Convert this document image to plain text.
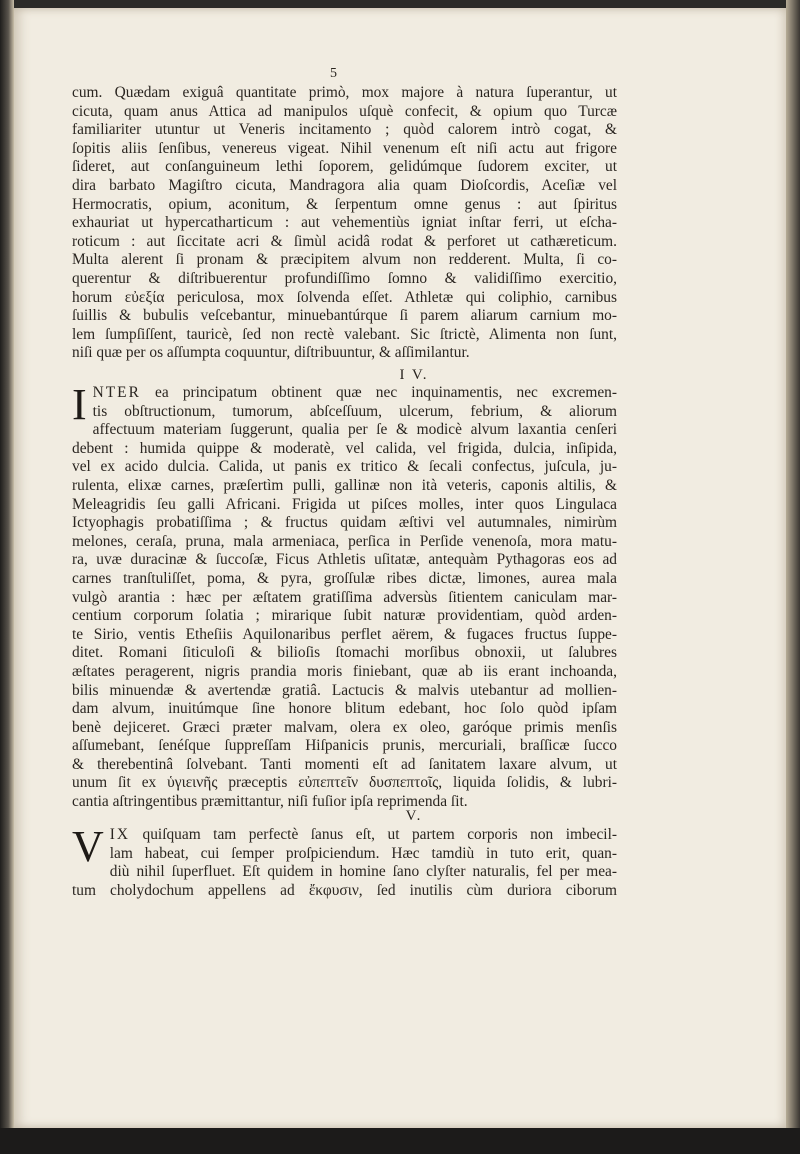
5
cum. Quædam exiguâ quantitate primò, mox majore à natura ſuperantur, ut
cicuta, quam anus Attica ad manipulos uſquè confecit, & opium quo Turcæ
familiariter utuntur ut Veneris incitamento ; quòd calorem intrò cogat, &
ſopitis aliis ſenſibus, venereus vigeat. Nihil venenum eſt niſi actu aut frigore
ſideret, aut conſanguineum lethi ſoporem, gelidúmque ſudorem exciter, ut
dira barbato Magiſtro cicuta, Mandragora alia quam Dioſcordis, Aceſiæ vel
Hermocratis, opium, aconitum, & ſerpentum omne genus : aut ſpiritus
exhauriat ut hypercatharticum : aut vehementiùs igniat inſtar ferri, ut eſcha-
roticum : aut ſiccitate acri & ſimùl acidâ rodat & perforet ut cathæreticum.
Multa alerent ſi pronam & præcipitem alvum non redderent. Multa, ſi co-
querentur & diſtribuerentur profundiſſimo ſomno & validiſſimo exercitio,
horum εὐεξία periculosa, mox ſolvenda eſſet. Athletæ qui coliphio, carnibus
ſuillis & bubulis veſcebantur, minuebantúrque ſi parem aliarum carnium mo-
lem ſumpſiſſent, tauricè, ſed non rectè valebant. Sic ſtrictè, Alimenta non ſunt,
niſi quæ per os aſſumpta coquuntur, diſtribuuntur, & aſſimilantur.
I V.
I NTER ea principatum obtinent quæ nec inquinamentis, nec excremen-
tis obſtructionum, tumorum, abſceſſuum, ulcerum, febrium, & aliorum
affectuum materiam ſuggerunt, qualia per ſe & modicè alvum laxantia cenſeri
debent : humida quippe & moderatè, vel calida, vel frigida, dulcia, inſipida,
vel ex acido dulcia. Calida, ut panis ex tritico & ſecali confectus, juſcula, ju-
rulenta, elixæ carnes, præſertìm pulli, gallinæ non ità veteris, caponis altilis, &
Meleagridis ſeu galli Africani. Frigida ut piſces molles, inter quos Lingulaca
Ictyophagis probatiſſima ; & fructus quidam æſtivi vel autumnales, nimirùm
melones, ceraſa, pruna, mala armeniaca, perſica in Perſide venenoſa, mora matu-
ra, uvæ duracinæ & ſuccoſæ, Ficus Athletis uſitatæ, antequàm Pythagoras eos ad
carnes tranſtuliſſet, poma, & pyra, groſſulæ ribes dictæ, limones, aurea mala
vulgò arantia : hæc per æſtatem gratiſſima adversùs ſitientem caniculam mar-
centium corporum ſolatia ; mirarique ſubit naturæ providentiam, quòd arden-
te Sirio, ventis Etheſiis Aquilonaribus perflet aërem, & fugaces fructus ſuppe-
ditet. Romani ſiticuloſi & bilioſis ſtomachi morſibus obnoxii, ut ſalubres
æſtates peragerent, nigris prandia moris finiebant, quæ ab iis erant inchoanda,
bilis minuendæ & avertendæ gratiâ. Lactucis & malvis utebantur ad mollien-
dam alvum, inuitúmque ſine honore blitum edebant, hoc ſolo quòd ipſam
benè dejiceret. Græci præter malvam, olera ex oleo, garóque primis menſis
aſſumebant, ſenéſque ſuppreſſam Hiſpanicis prunis, mercuriali, braſſicæ ſucco
& therebentinâ ſolvebant. Tanti momenti eſt ad ſanitatem laxare alvum, ut
unum ſit ex ὑγιεινῆς præceptis εὐπεπτεῖν δυσπεπτοῖς, liquida ſolidis, & lubri-
cantia aſtringentibus præmittantur, niſi fuſior ipſa reprimenda ſit.
V.
V IX quiſquam tam perfectè ſanus eſt, ut partem corporis non imbecil-
lam habeat, cui ſemper proſpiciendum. Hæc tamdiù in tuto erit, quan-
diù nihil ſuperfluet. Eſt quidem in homine ſano clyſter naturalis, fel per mea-
tum cholydochum appellens ad ἔκφυσιν, ſed inutilis cùm duriora ciborum
